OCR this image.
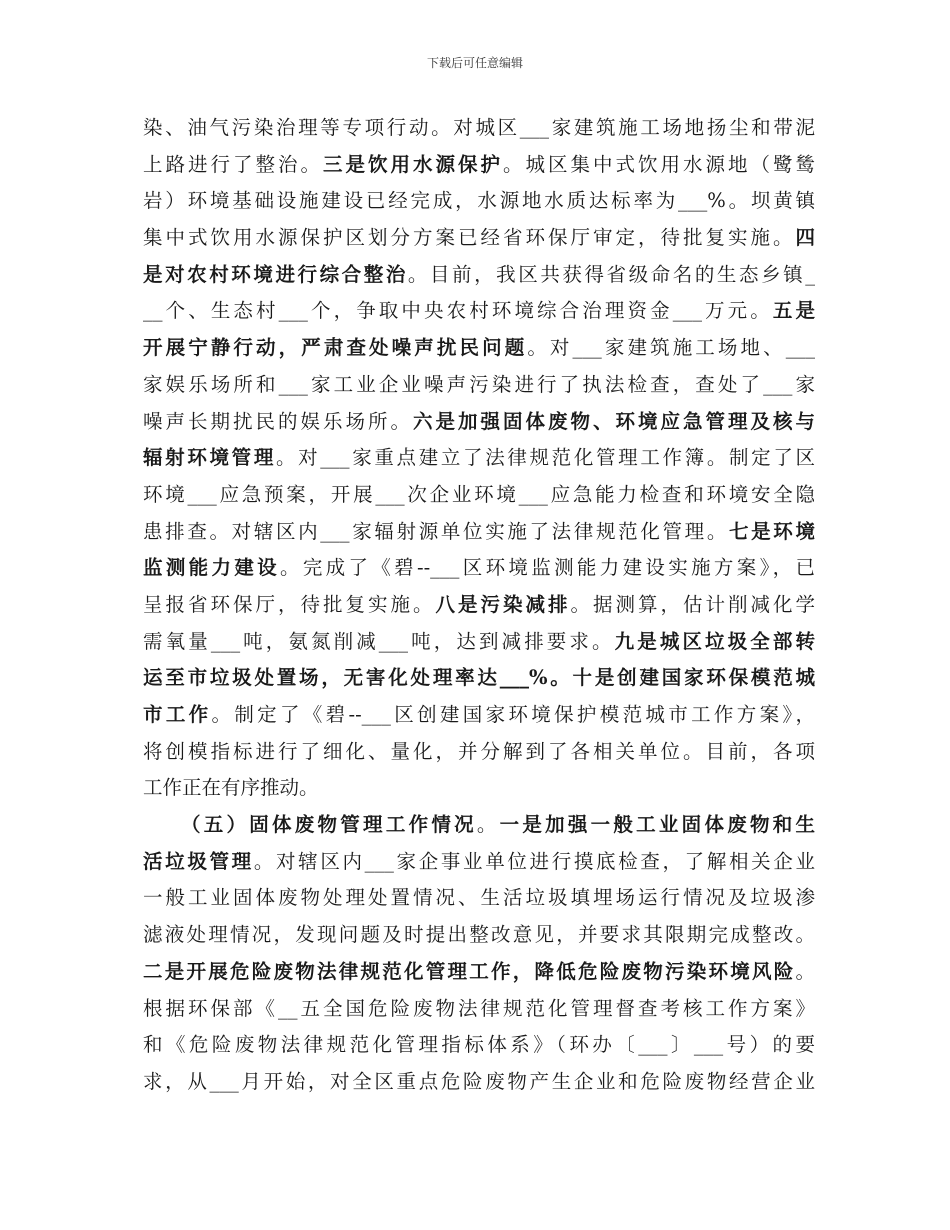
下载后可任意编辑
染、油气污染治理等专项行动。对城区___家建筑施工场地扬尘和带泥
上路进行了整治。三是饮用水源保护。城区集中式饮用水源地（鹭鸶
岩）环境基础设施建设已经完成，水源地水质达标率为___%。坝黄镇
集中式饮用水源保护区划分方案已经省环保厅审定，待批复实施。四
是对农村环境进行综合整治。目前，我区共获得省级命名的生态乡镇_
__个、生态村___个，争取中央农村环境综合治理资金___万元。五是
开展宁静行动，严肃查处噪声扰民问题。对___家建筑施工场地、___
家娱乐场所和___家工业企业噪声污染进行了执法检查，查处了___家
噪声长期扰民的娱乐场所。六是加强固体废物、环境应急管理及核与
辐射环境管理。对___家重点建立了法律规范化管理工作簿。制定了区
环境___应急预案，开展___次企业环境___应急能力检查和环境安全隐
患排查。对辖区内___家辐射源单位实施了法律规范化管理。七是环境
监测能力建设。完成了《碧--___区环境监测能力建设实施方案》，已
呈报省环保厅，待批复实施。八是污染减排。据测算，估计削减化学
需氧量___吨，氨氮削减___吨，达到减排要求。九是城区垃圾全部转
运至市垃圾处置场，无害化处理率达___%。十是创建国家环保模范城
市工作。制定了《碧--___区创建国家环境保护模范城市工作方案》，
将创模指标进行了细化、量化，并分解到了各相关单位。目前，各项
工作正在有序推动。
（五）固体废物管理工作情况。一是加强一般工业固体废物和生
活垃圾管理。对辖区内___家企事业单位进行摸底检查，了解相关企业
一般工业固体废物处理处置情况、生活垃圾填埋场运行情况及垃圾渗
滤液处理情况，发现问题及时提出整改意见，并要求其限期完成整改。
二是开展危险废物法律规范化管理工作，降低危险废物污染环境风险。
根据环保部《__五全国危险废物法律规范化管理督查考核工作方案》
和《危险废物法律规范化管理指标体系》（环办〔___〕___号）的要
求，从___月开始，对全区重点危险废物产生企业和危险废物经营企业
